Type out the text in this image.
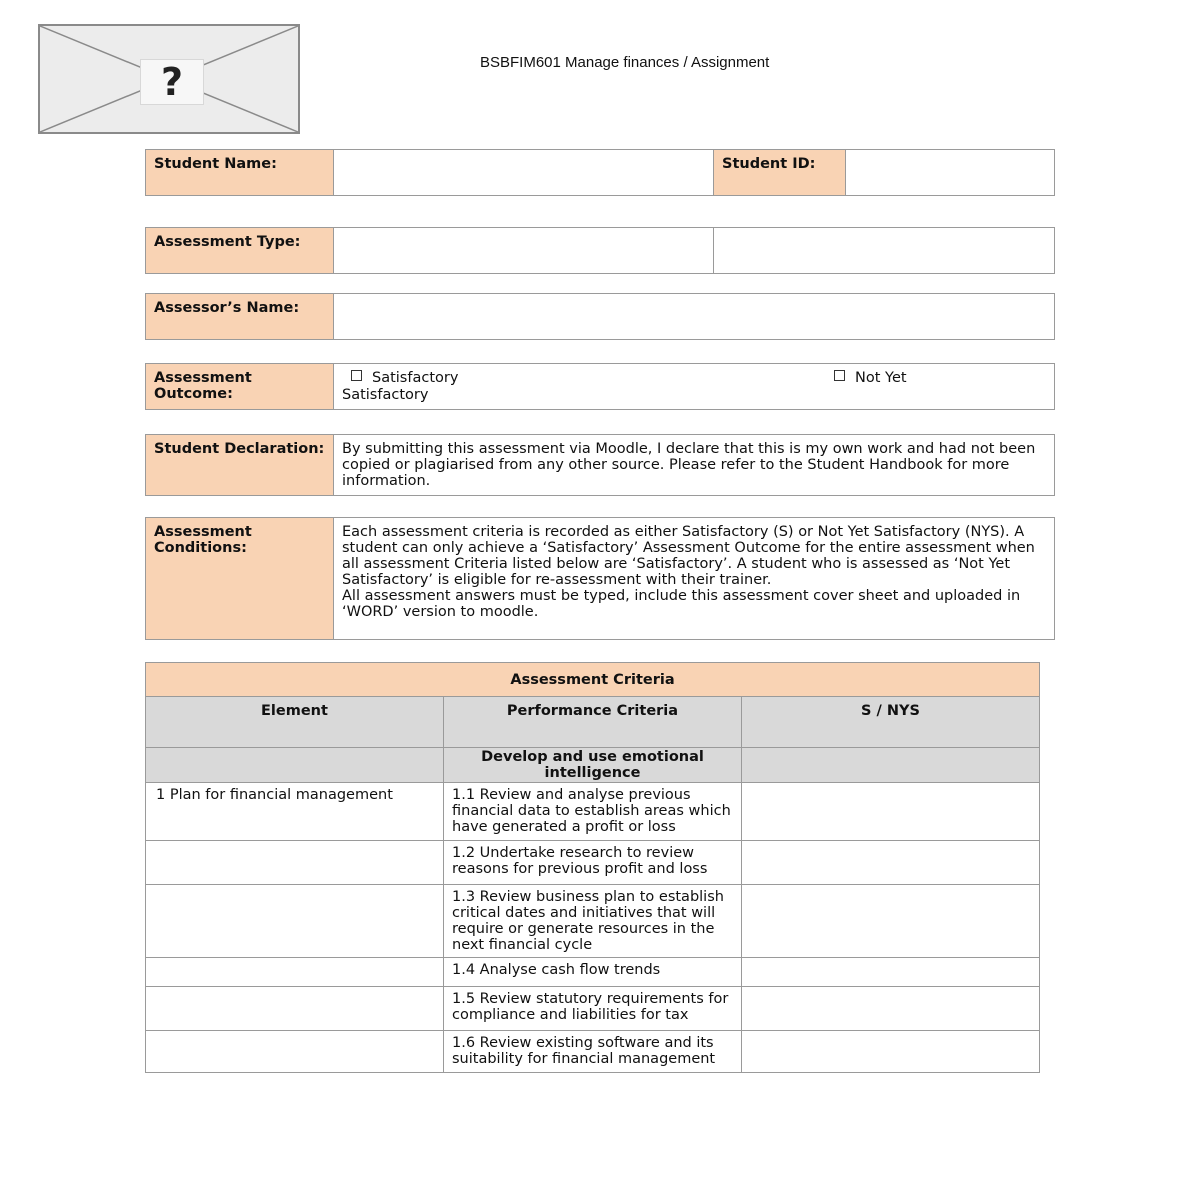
?	BSBFIM601 Manage finances / Assignment
Student Name:		Student ID:	
Assessment Type:		
Assessor’s Name:	
Assessment Outcome:	
Satisfactory	Not Yet
Satisfactory
Student Declaration:	By submitting this assessment via Moodle, I declare that this is my own work and had not been copied or plagiarised from any other source. Please refer to the Student Handbook for more information.
Assessment Conditions:	
Each assessment criteria is recorded as either Satisfactory (S) or Not Yet Satisfactory (NYS). A student can only achieve a ‘Satisfactory’ Assessment Outcome for the entire assessment when all assessment Criteria listed below are ‘Satisfactory’. A student who is assessed as ‘Not Yet Satisfactory’ is eligible for re-assessment with their trainer.
All assessment answers must be typed, include this assessment cover sheet and uploaded in ‘WORD’ version to moodle.
Assessment Criteria		
Element	Performance Criteria	S / NYS
	Develop and use emotional intelligence	

1 Plan for financial management	1.1 Review and analyse previous financial data to establish areas which have generated a profit or loss	
	1.2 Undertake research to review reasons for previous profit and loss	
	1.3 Review business plan to establish critical dates and initiatives that will require or generate resources in the next financial cycle	
	1.4 Analyse cash flow trends	
	1.5 Review statutory requirements for compliance and liabilities for tax	
	1.6 Review existing software and its suitability for financial management	
